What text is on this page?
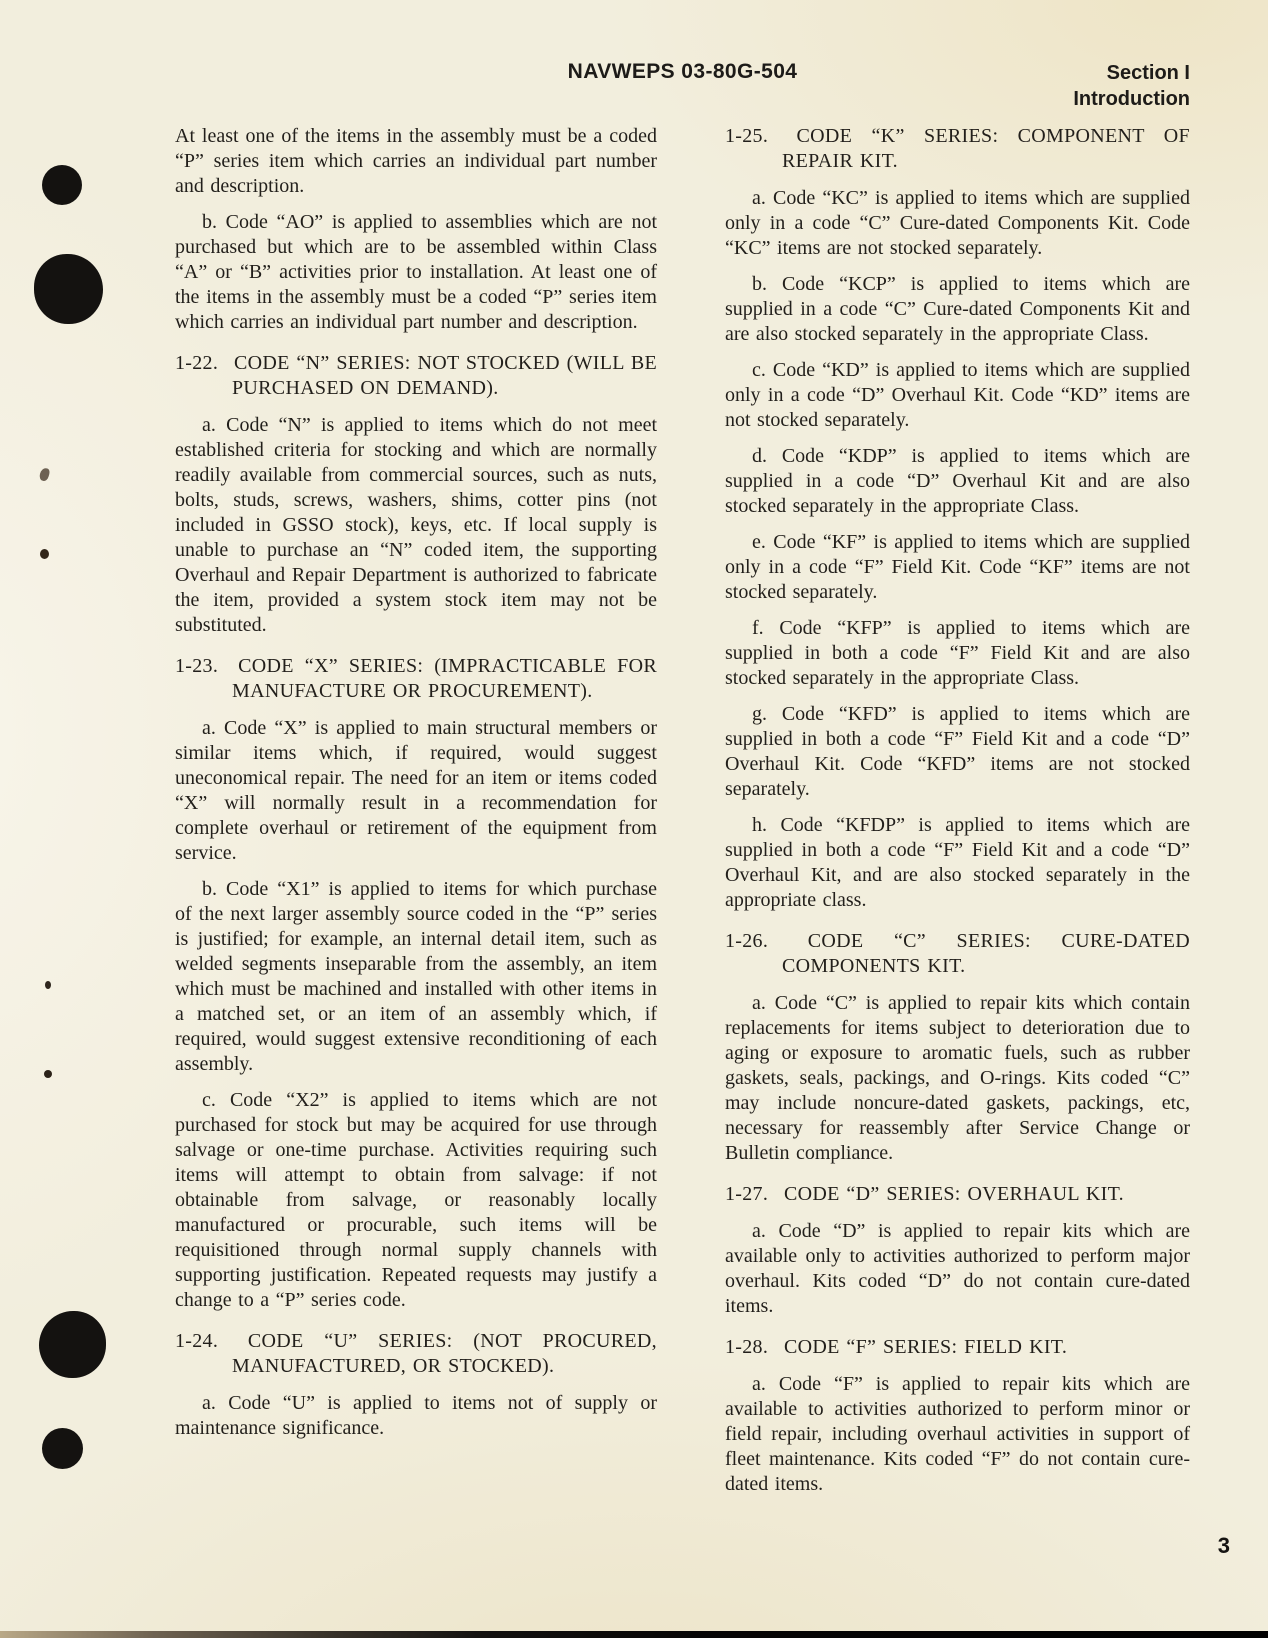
NAVWEPS 03-80G-504	Section I
Introduction

At least one of the items in the assembly must be a coded “P” series item which carries an individual part number and description.

b. Code “AO” is applied to assemblies which are not purchased but which are to be assembled within Class “A” or “B” activities prior to installation. At least one of the items in the assembly must be a coded “P” series item which carries an individual part number and description.

1-22. CODE “N” SERIES: NOT STOCKED (WILL BE PURCHASED ON DEMAND).

a. Code “N” is applied to items which do not meet established criteria for stocking and which are normally readily available from commercial sources, such as nuts, bolts, studs, screws, washers, shims, cotter pins (not included in GSSO stock), keys, etc. If local supply is unable to purchase an “N” coded item, the supporting Overhaul and Repair Department is authorized to fabricate the item, provided a system stock item may not be substituted.

1-23. CODE “X” SERIES: (IMPRACTICABLE FOR MANUFACTURE OR PROCUREMENT).

a. Code “X” is applied to main structural members or similar items which, if required, would suggest uneconomical repair. The need for an item or items coded “X” will normally result in a recommendation for complete overhaul or retirement of the equipment from service.

b. Code “X1” is applied to items for which purchase of the next larger assembly source coded in the “P” series is justified; for example, an internal detail item, such as welded segments inseparable from the assembly, an item which must be machined and installed with other items in a matched set, or an item of an assembly which, if required, would suggest extensive reconditioning of each assembly.

c. Code “X2” is applied to items which are not purchased for stock but may be acquired for use through salvage or one-time purchase. Activities requiring such items will attempt to obtain from salvage: if not obtainable from salvage, or reasonably locally manufactured or procurable, such items will be requisitioned through normal supply channels with supporting justification. Repeated requests may justify a change to a “P” series code.

1-24. CODE “U” SERIES: (NOT PROCURED, MANUFACTURED, OR STOCKED).

a. Code “U” is applied to items not of supply or maintenance significance.

1-25. CODE “K” SERIES: COMPONENT OF REPAIR KIT.

a. Code “KC” is applied to items which are supplied only in a code “C” Cure-dated Components Kit. Code “KC” items are not stocked separately.

b. Code “KCP” is applied to items which are supplied in a code “C” Cure-dated Components Kit and are also stocked separately in the appropriate Class.

c. Code “KD” is applied to items which are supplied only in a code “D” Overhaul Kit. Code “KD” items are not stocked separately.

d. Code “KDP” is applied to items which are supplied in a code “D” Overhaul Kit and are also stocked separately in the appropriate Class.

e. Code “KF” is applied to items which are supplied only in a code “F” Field Kit. Code “KF” items are not stocked separately.

f. Code “KFP” is applied to items which are supplied in both a code “F” Field Kit and are also stocked separately in the appropriate Class.

g. Code “KFD” is applied to items which are supplied in both a code “F” Field Kit and a code “D” Overhaul Kit. Code “KFD” items are not stocked separately.

h. Code “KFDP” is applied to items which are supplied in both a code “F” Field Kit and a code “D” Overhaul Kit, and are also stocked separately in the appropriate class.

1-26. CODE “C” SERIES: CURE-DATED COMPONENTS KIT.

a. Code “C” is applied to repair kits which contain replacements for items subject to deterioration due to aging or exposure to aromatic fuels, such as rubber gaskets, seals, packings, and O-rings. Kits coded “C” may include noncure-dated gaskets, packings, etc, necessary for reassembly after Service Change or Bulletin compliance.

1-27. CODE “D” SERIES: OVERHAUL KIT.

a. Code “D” is applied to repair kits which are available only to activities authorized to perform major overhaul. Kits coded “D” do not contain cure-dated items.

1-28. CODE “F” SERIES: FIELD KIT.

a. Code “F” is applied to repair kits which are available to activities authorized to perform minor or field repair, including overhaul activities in support of fleet maintenance. Kits coded “F” do not contain cure-dated items.

3
